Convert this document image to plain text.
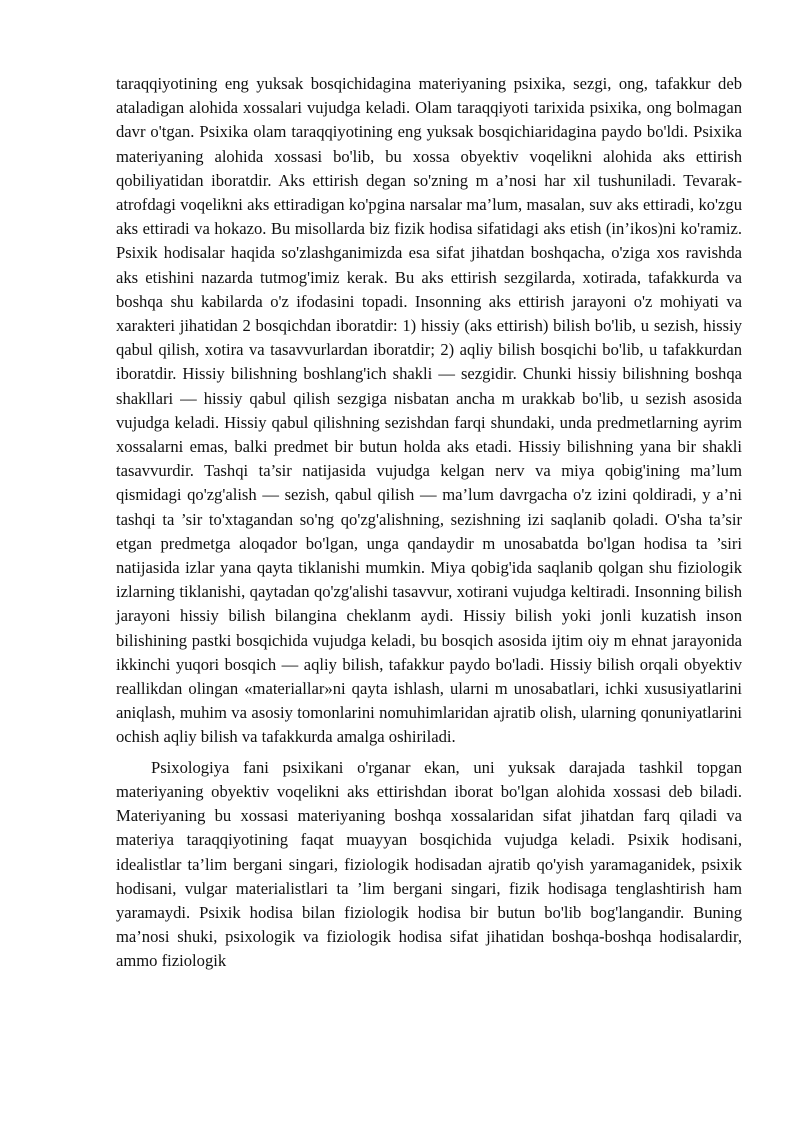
taraqqiyotining eng yuksak bosqichidagina materiyaning psixika, sezgi, ong, tafakkur deb ataladigan alohida xossalari vujudga keladi. Olam taraqqiyoti tarixida psixika, ong bolmagan davr o'tgan. Psixika olam taraqqiyotining eng yuksak bosqichiaridagina paydo bo'ldi. Psixika materiyaning alohida xossasi bo'lib, bu xossa obyektiv voqelikni alohida aks ettirish qobiliyatidan iboratdir. Aks ettirish degan so'zning m a’nosi har xil tushuniladi. Tevarak-atrofdagi voqelikni aks ettiradigan ko'pgina narsalar ma’lum, masalan, suv aks ettiradi, ko'zgu aks ettiradi va hokazo. Bu misollarda biz fizik hodisa sifatidagi aks etish (in’ikos)ni ko'ramiz. Psixik hodisalar haqida so'zlashganimizda esa sifat jihatdan boshqacha, o'ziga xos ravishda aks etishini nazarda tutmog'imiz kerak. Bu aks ettirish sezgilarda, xotirada, tafakkurda va boshqa shu kabilarda o'z ifodasini topadi. Insonning aks ettirish jarayoni o'z mohiyati va xarakteri jihatidan 2 bosqichdan iboratdir: 1) hissiy (aks ettirish) bilish bo'lib, u sezish, hissiy qabul qilish, xotira va tasavvurlardan iboratdir; 2) aqliy bilish bosqichi bo'lib, u tafakkurdan iboratdir. Hissiy bilishning boshlang'ich shakli — sezgidir. Chunki hissiy bilishning boshqa shakllari — hissiy qabul qilish sezgiga nisbatan ancha m urakkab bo'lib, u sezish asosida vujudga keladi. Hissiy qabul qilishning sezishdan farqi shundaki, unda predmetlarning ayrim xossalarni emas, balki predmet bir butun holda aks etadi. Hissiy bilishning yana bir shakli tasavvurdir. Tashqi ta’sir natijasida vujudga kelgan nerv va miya qobig'ining ma’lum qismidagi qo'zg'alish — sezish, qabul qilish — ma’lum davrgacha o'z izini qoldiradi, y a’ni tashqi ta ’sir to'xtagandan so'ng qo'zg'alishning, sezishning izi saqlanib qoladi. O'sha ta’sir etgan predmetga aloqador bo'lgan, unga qandaydir m unosabatda bo'lgan hodisa ta ’siri natijasida izlar yana qayta tiklanishi mumkin. Miya qobig'ida saqlanib qolgan shu fiziologik izlarning tiklanishi, qaytadan qo'zg'alishi tasavvur, xotirani vujudga keltiradi. Insonning bilish jarayoni hissiy bilish bilangina cheklanm aydi. Hissiy bilish yoki jonli kuzatish inson bilishining pastki bosqichida vujudga keladi, bu bosqich asosida ijtim oiy m ehnat jarayonida ikkinchi yuqori bosqich — aqliy bilish, tafakkur paydo bo'ladi. Hissiy bilish orqali obyektiv reallikdan olingan «materiallar»ni qayta ishlash, ularni m unosabatlari, ichki xususiyatlarini aniqlash, muhim va asosiy tomonlarini nomuhimlaridan ajratib olish, ularning qonuniyatlarini ochish aqliy bilish va tafakkurda amalga oshiriladi.

Psixologiya fani psixikani o'rganar ekan, uni yuksak darajada tashkil topgan materiyaning obyektiv voqelikni aks ettirishdan iborat bo'lgan alohida xossasi deb biladi. Materiyaning bu xossasi materiyaning boshqa xossalaridan sifat jihatdan farq qiladi va materiya taraqqiyotining faqat muayyan bosqichida vujudga keladi. Psixik hodisani, idealistlar ta’lim bergani singari, fiziologik hodisadan ajratib qo'yish yaramaganidek, psixik hodisani, vulgar materialistlari ta ’lim bergani singari, fizik hodisaga tenglashtirish ham yaramaydi. Psixik hodisa bilan fiziologik hodisa bir butun bo'lib bog'langandir. Buning ma’nosi shuki, psixologik va fiziologik hodisa sifat jihatidan boshqa-boshqa hodisalardir, ammo fiziologik
